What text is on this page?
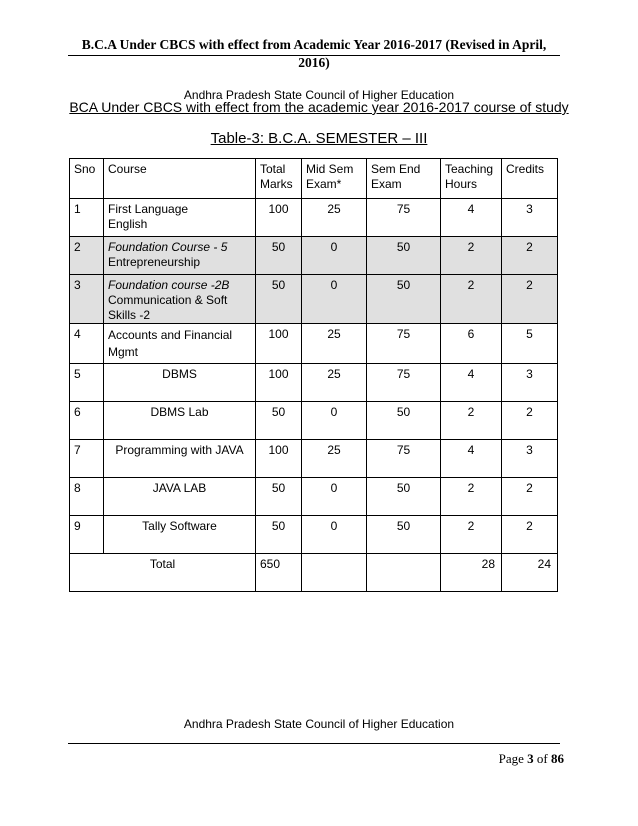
B.C.A Under CBCS with effect from Academic Year 2016-2017 (Revised in April, 2016)
Andhra Pradesh State Council of Higher Education
BCA Under CBCS with effect from the academic year 2016-2017 course of study
Table-3: B.C.A. SEMESTER – III
Sno	Course	Total Marks	Mid Sem Exam*	Sem End Exam	Teaching Hours	Credits
1	First Language
English	100	25	75	4	3
2	Foundation Course - 5
Entrepreneurship	50	0	50	2	2
3	Foundation course -2B
Communication & Soft Skills -2	50	0	50	2	2
4	Accounts and Financial Mgmt	100	25	75	6	5
5	DBMS	100	25	75	4	3
6	DBMS Lab	50	0	50	2	2
7	Programming with JAVA	100	25	75	4	3
8	JAVA LAB	50	0	50	2	2
9	Tally Software	50	0	50	2	2
Total		650			28	24
Andhra Pradesh State Council of Higher Education
Page 3 of 86
